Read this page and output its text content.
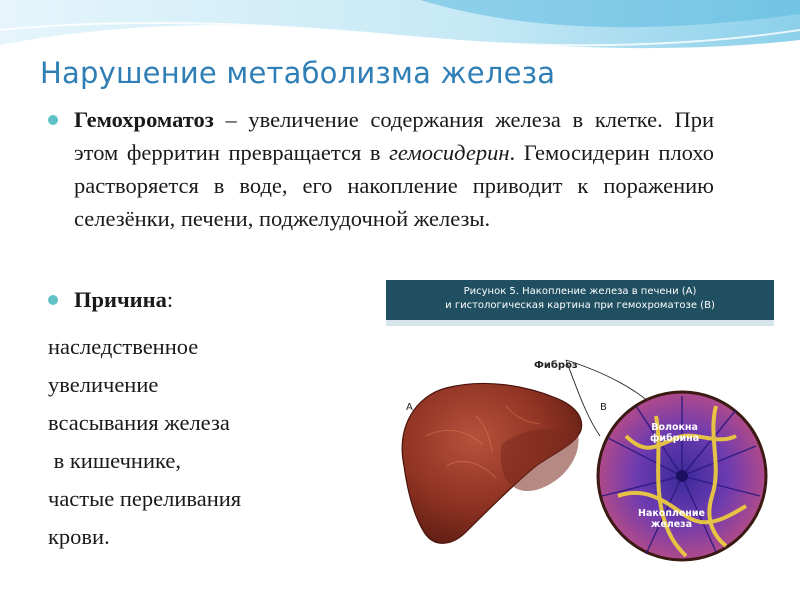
Нарушение метаболизма железа
Гемохроматоз – увеличение содержания железа в клетке. При этом ферритин превращается в гемосидерин. Гемосидерин плохо растворяется в воде, его накопление приводит к поражению селезёнки, печени, поджелудочной железы.
Причина:
наследственное
увеличение
всасывания железа
в кишечнике,
частые переливания
крови.
Рисунок 5. Накопление железа в печени (А)
и гистологическая картина при гемохроматозе (В)
Фиброз
А	В
Волокна
фибрина
Накопление
железа
